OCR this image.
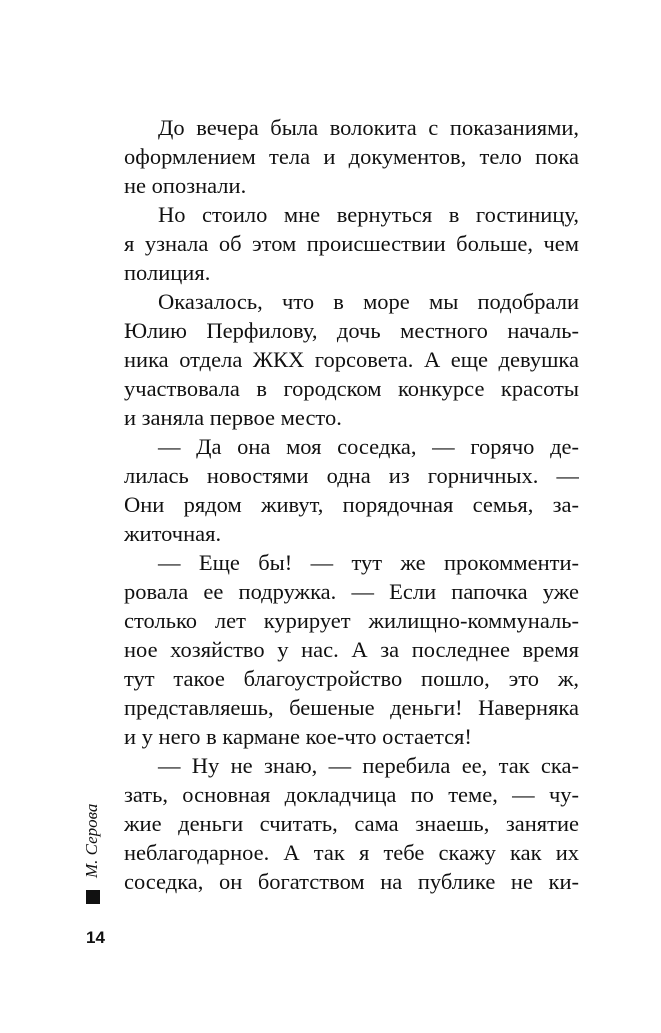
До вечера была волокита с показаниями,
оформлением тела и документов, тело пока
не опознали.
Но стоило мне вернуться в гостиницу,
я узнала об этом происшествии больше, чем
полиция.
Оказалось, что в море мы подобрали
Юлию Перфилову, дочь местного началь-
ника отдела ЖКХ горсовета. А еще девушка
участвовала в городском конкурсе красоты
и заняла первое место.
— Да она моя соседка, — горячо де-
лилась новостями одна из горничных. —
Они рядом живут, порядочная семья, за-
житочная.
— Еще бы! — тут же прокомменти-
ровала ее подружка. — Если папочка уже
столько лет курирует жилищно-коммуналь-
ное хозяйство у нас. А за последнее время
тут такое благоустройство пошло, это ж,
представляешь, бешеные деньги! Наверняка
и у него в кармане кое-что остается!
— Ну не знаю, — перебила ее, так ска-
зать, основная докладчица по теме, — чу-
жие деньги считать, сама знаешь, занятие
неблагодарное. А так я тебе скажу как их
соседка, он богатством на публике не ки-
М. Серова
14
